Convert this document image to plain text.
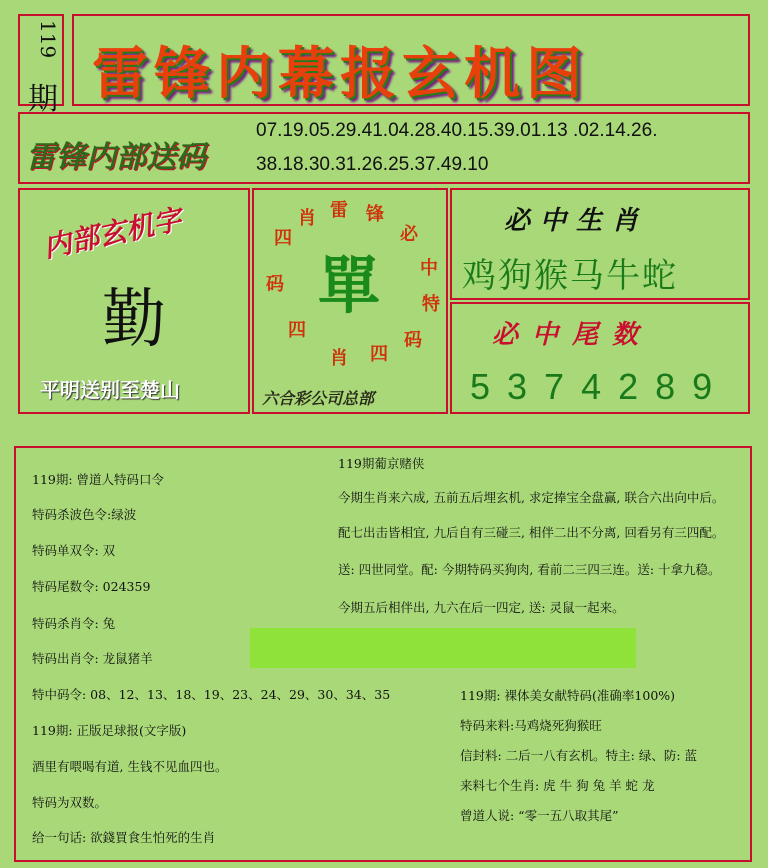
119
期 雷锋内幕报玄机图
雷锋内部送码
07.19.05.29.41.04.28.40.15.39.01.13 .02.14.26.
38.18.30.31.26.25.37.49.10
内部玄机字
勤
平明送别至楚山
四
肖 雷 锋
必
中
特
码
四
肖
四
码 單
六合彩公司总部
必中生肖
鸡狗猴马牛蛇
必中尾数
5374289
119期: 曾道人特码口令
特码杀波色令:绿波
特码单双令: 双
特码尾数令: 024359
特码杀肖令: 兔
特码出肖令: 龙鼠猪羊
特中码令: 08、12、13、18、19、23、24、29、30、34、35
119期: 正版足球报(文字版)
酒里有喂喝有道, 生钱不见血四也。
特码为双数。
给一句话: 欲錢買食生怕死的生肖
119期葡京赌侠
今期生肖来六成, 五前五后埋玄机, 求定捧宝全盘赢, 联合六出向中后。
配七出击皆相宜, 九后自有三碰三, 相伴二出不分离, 回看另有三四配。
送: 四世同堂。配: 今期特码买狗肉, 看前二三四三连。送: 十拿九稳。
今期五后相伴出, 九六在后一四定, 送: 灵鼠一起来。
119期: 裸体美女献特码(准确率100%)
特码来料:马鸡烧死狗猴旺
信封料: 二后一八有玄机。特主: 绿、防: 蓝
来料七个生肖: 虎 牛 狗 兔 羊 蛇 龙
曾道人说: “零一五八取其尾”
